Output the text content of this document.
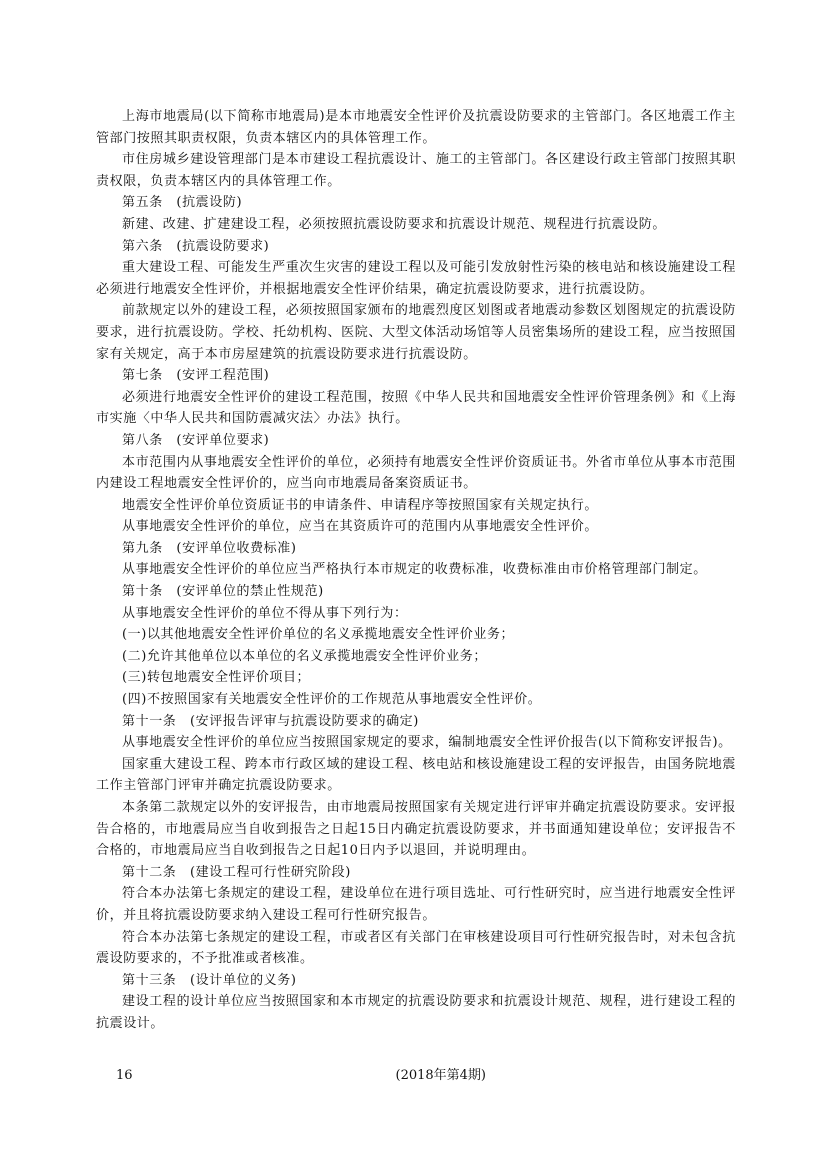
上海市地震局(以下简称市地震局)是本市地震安全性评价及抗震设防要求的主管部门。各区地震工作主管部门按照其职责权限，负责本辖区内的具体管理工作。

市住房城乡建设管理部门是本市建设工程抗震设计、施工的主管部门。各区建设行政主管部门按照其职责权限，负责本辖区内的具体管理工作。

第五条　(抗震设防)

新建、改建、扩建建设工程，必须按照抗震设防要求和抗震设计规范、规程进行抗震设防。

第六条　(抗震设防要求)

重大建设工程、可能发生严重次生灾害的建设工程以及可能引发放射性污染的核电站和核设施建设工程必须进行地震安全性评价，并根据地震安全性评价结果，确定抗震设防要求，进行抗震设防。

前款规定以外的建设工程，必须按照国家颁布的地震烈度区划图或者地震动参数区划图规定的抗震设防要求，进行抗震设防。学校、托幼机构、医院、大型文体活动场馆等人员密集场所的建设工程，应当按照国家有关规定，高于本市房屋建筑的抗震设防要求进行抗震设防。

第七条　(安评工程范围)

必须进行地震安全性评价的建设工程范围，按照《中华人民共和国地震安全性评价管理条例》和《上海市实施〈中华人民共和国防震减灾法〉办法》执行。

第八条　(安评单位要求)

本市范围内从事地震安全性评价的单位，必须持有地震安全性评价资质证书。外省市单位从事本市范围内建设工程地震安全性评价的，应当向市地震局备案资质证书。

地震安全性评价单位资质证书的申请条件、申请程序等按照国家有关规定执行。

从事地震安全性评价的单位，应当在其资质许可的范围内从事地震安全性评价。

第九条　(安评单位收费标准)

从事地震安全性评价的单位应当严格执行本市规定的收费标准，收费标准由市价格管理部门制定。

第十条　(安评单位的禁止性规范)

从事地震安全性评价的单位不得从事下列行为：

(一)以其他地震安全性评价单位的名义承揽地震安全性评价业务；

(二)允许其他单位以本单位的名义承揽地震安全性评价业务；

(三)转包地震安全性评价项目；

(四)不按照国家有关地震安全性评价的工作规范从事地震安全性评价。

第十一条　(安评报告评审与抗震设防要求的确定)

从事地震安全性评价的单位应当按照国家规定的要求，编制地震安全性评价报告(以下简称安评报告)。

国家重大建设工程、跨本市行政区域的建设工程、核电站和核设施建设工程的安评报告，由国务院地震工作主管部门评审并确定抗震设防要求。

本条第二款规定以外的安评报告，由市地震局按照国家有关规定进行评审并确定抗震设防要求。安评报告合格的，市地震局应当自收到报告之日起15日内确定抗震设防要求，并书面通知建设单位；安评报告不合格的，市地震局应当自收到报告之日起10日内予以退回，并说明理由。

第十二条　(建设工程可行性研究阶段)

符合本办法第七条规定的建设工程，建设单位在进行项目选址、可行性研究时，应当进行地震安全性评价，并且将抗震设防要求纳入建设工程可行性研究报告。

符合本办法第七条规定的建设工程，市或者区有关部门在审核建设项目可行性研究报告时，对未包含抗震设防要求的，不予批准或者核准。

第十三条　(设计单位的义务)

建设工程的设计单位应当按照国家和本市规定的抗震设防要求和抗震设计规范、规程，进行建设工程的抗震设计。

16	(2018年第4期)
